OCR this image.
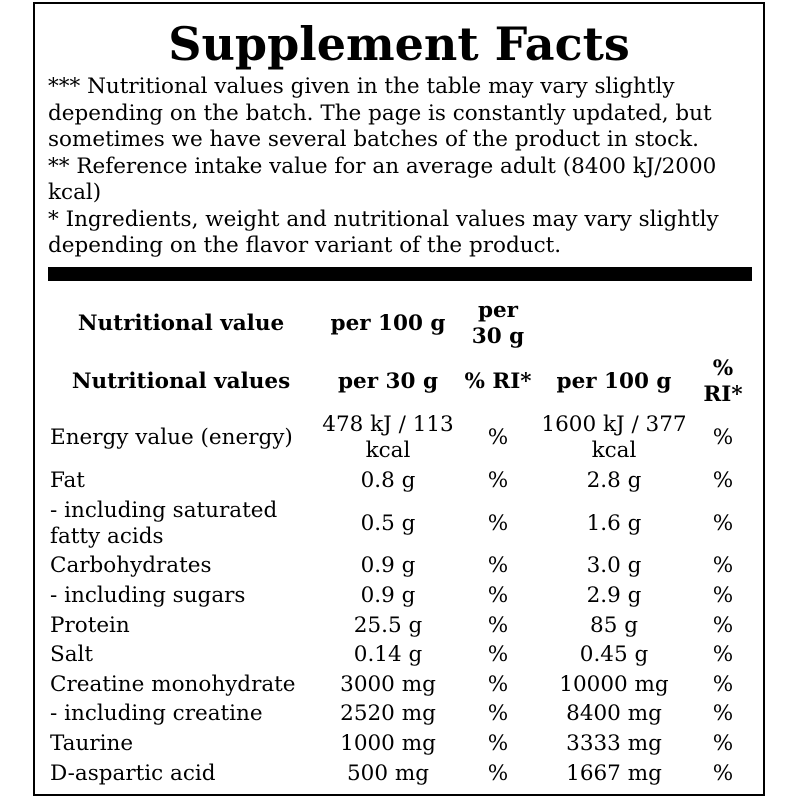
Supplement Facts

*** Nutritional values given in the table may vary slightly depending on the batch. The page is constantly updated, but sometimes we have several batches of the product in stock.

** Reference intake value for an average adult (8400 kJ/2000 kcal)

* Ingredients, weight and nutritional values may vary slightly depending on the flavor variant of the product.

Nutritional value	per 100 g	per 30 g		
Nutritional values	per 30 g	% RI*	per 100 g	% RI*
Energy value (energy)	478 kJ / 113 kcal	%	1600 kJ / 377 kcal	%
Fat	0.8 g	%	2.8 g	%
- including saturated fatty acids	0.5 g	%	1.6 g	%
Carbohydrates	0.9 g	%	3.0 g	%
- including sugars	0.9 g	%	2.9 g	%
Protein	25.5 g	%	85 g	%
Salt	0.14 g	%	0.45 g	%
Creatine monohydrate	3000 mg	%	10000 mg	%
- including creatine	2520 mg	%	8400 mg	%
Taurine	1000 mg	%	3333 mg	%
D-aspartic acid	500 mg	%	1667 mg	%
